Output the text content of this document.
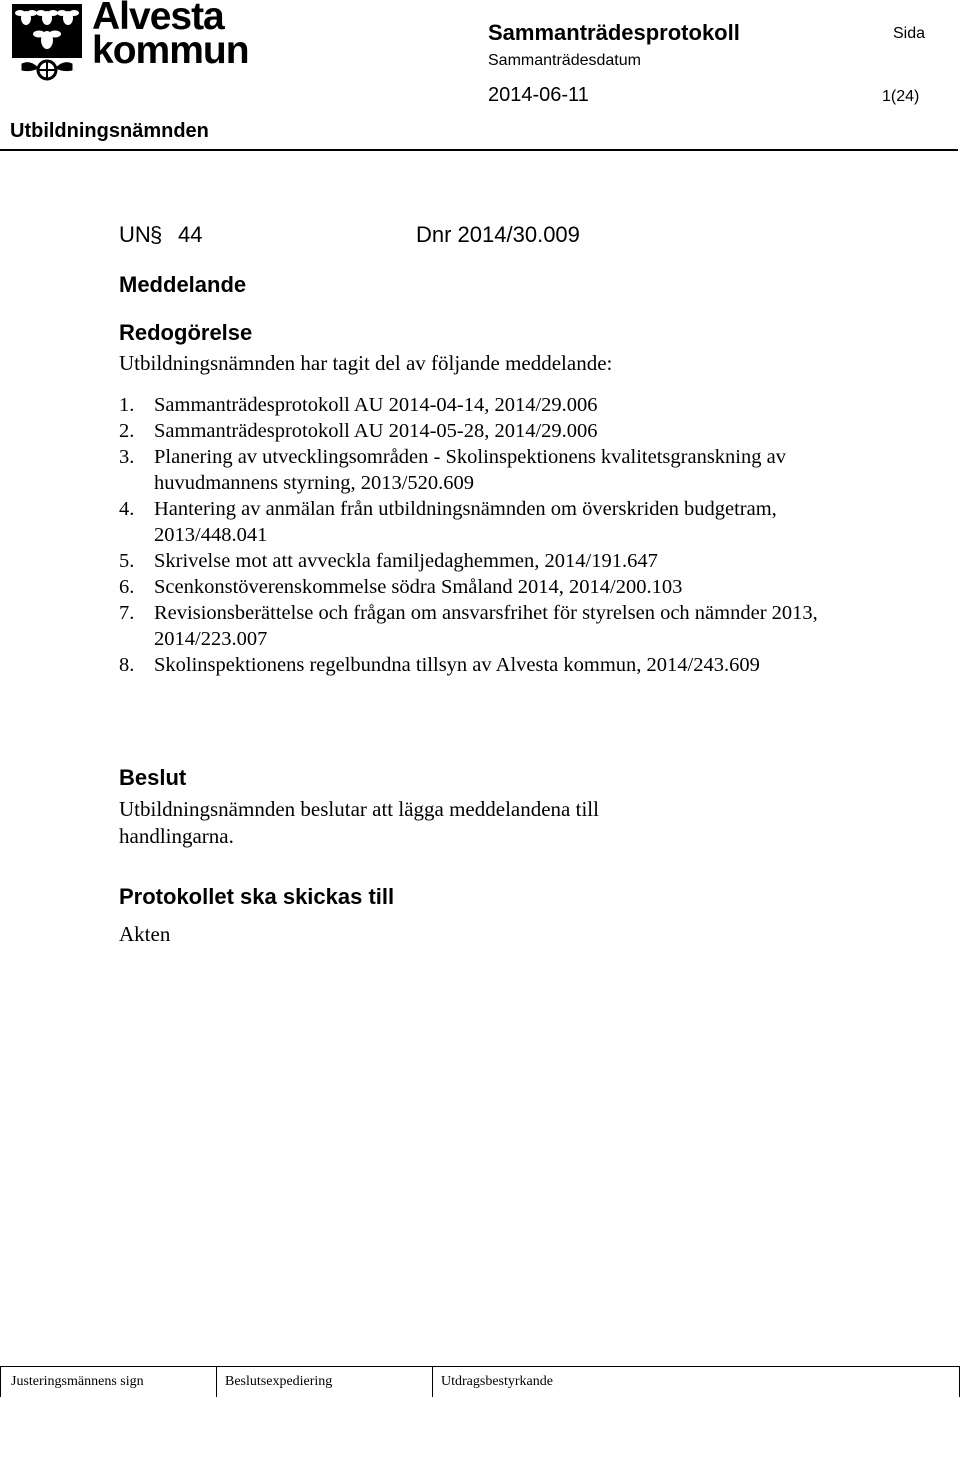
Alvesta
kommun	Sammanträdesprotokoll	Sida
Sammanträdesdatum
2014-06-11	1(24)
Utbildningsnämnden
UN § 44	Dnr 2014/30.009
Meddelande
Redogörelse
Utbildningsnämnden har tagit del av följande meddelande:
1. Sammanträdesprotokoll AU 2014-04-14, 2014/29.006
2. Sammanträdesprotokoll AU 2014-05-28, 2014/29.006
3. Planering av utvecklingsområden - Skolinspektionens kvalitetsgranskning av huvudmannens styrning, 2013/520.609
4. Hantering av anmälan från utbildningsnämnden om överskriden budgetram, 2013/448.041
5. Skrivelse mot att avveckla familjedaghemmen, 2014/191.647
6. Scenkonstöverenskommelse södra Småland 2014, 2014/200.103
7. Revisionsberättelse och frågan om ansvarsfrihet för styrelsen och nämnder 2013, 2014/223.007
8. Skolinspektionens regelbundna tillsyn av Alvesta kommun, 2014/243.609
Beslut
Utbildningsnämnden beslutar att lägga meddelandena till handlingarna.
Protokollet ska skickas till
Akten
Justeringsmännens sign	Beslutsexpediering	Utdragsbestyrkande
